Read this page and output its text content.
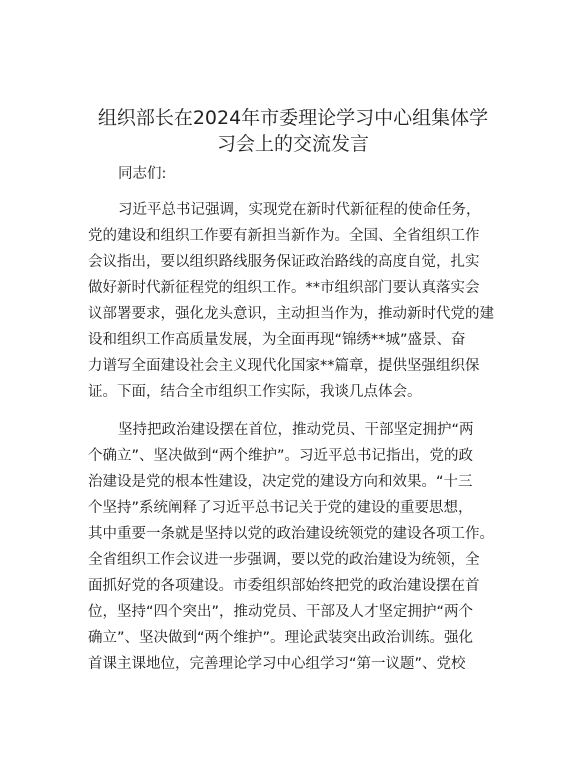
组织部长在2024年市委理论学习中心组集体学
习会上的交流发言

同志们:

习近平总书记强调，实现党在新时代新征程的使命任务，

党的建设和组织工作要有新担当新作为。全国、全省组织工作

会议指出，要以组织路线服务保证政治路线的高度自觉，扎实

做好新时代新征程党的组织工作。**市组织部门要认真落实会

议部署要求，强化龙头意识，主动担当作为，推动新时代党的建

设和组织工作高质量发展，为全面再现“锦绣**城”盛景、奋

力谱写全面建设社会主义现代化国家**篇章，提供坚强组织保

证。下面，结合全市组织工作实际，我谈几点体会。

坚持把政治建设摆在首位，推动党员、干部坚定拥护“两

个确立”、坚决做到“两个维护”。习近平总书记指出，党的政

治建设是党的根本性建设，决定党的建设方向和效果。“十三

个坚持”系统阐释了习近平总书记关于党的建设的重要思想，

其中重要一条就是坚持以党的政治建设统领党的建设各项工作。

全省组织工作会议进一步强调，要以党的政治建设为统领，全

面抓好党的各项建设。市委组织部始终把党的政治建设摆在首

位，坚持“四个突出”，推动党员、干部及人才坚定拥护“两个

确立”、坚决做到“两个维护”。理论武装突出政治训练。强化

首课主课地位，完善理论学习中心组学习“第一议题”、党校
